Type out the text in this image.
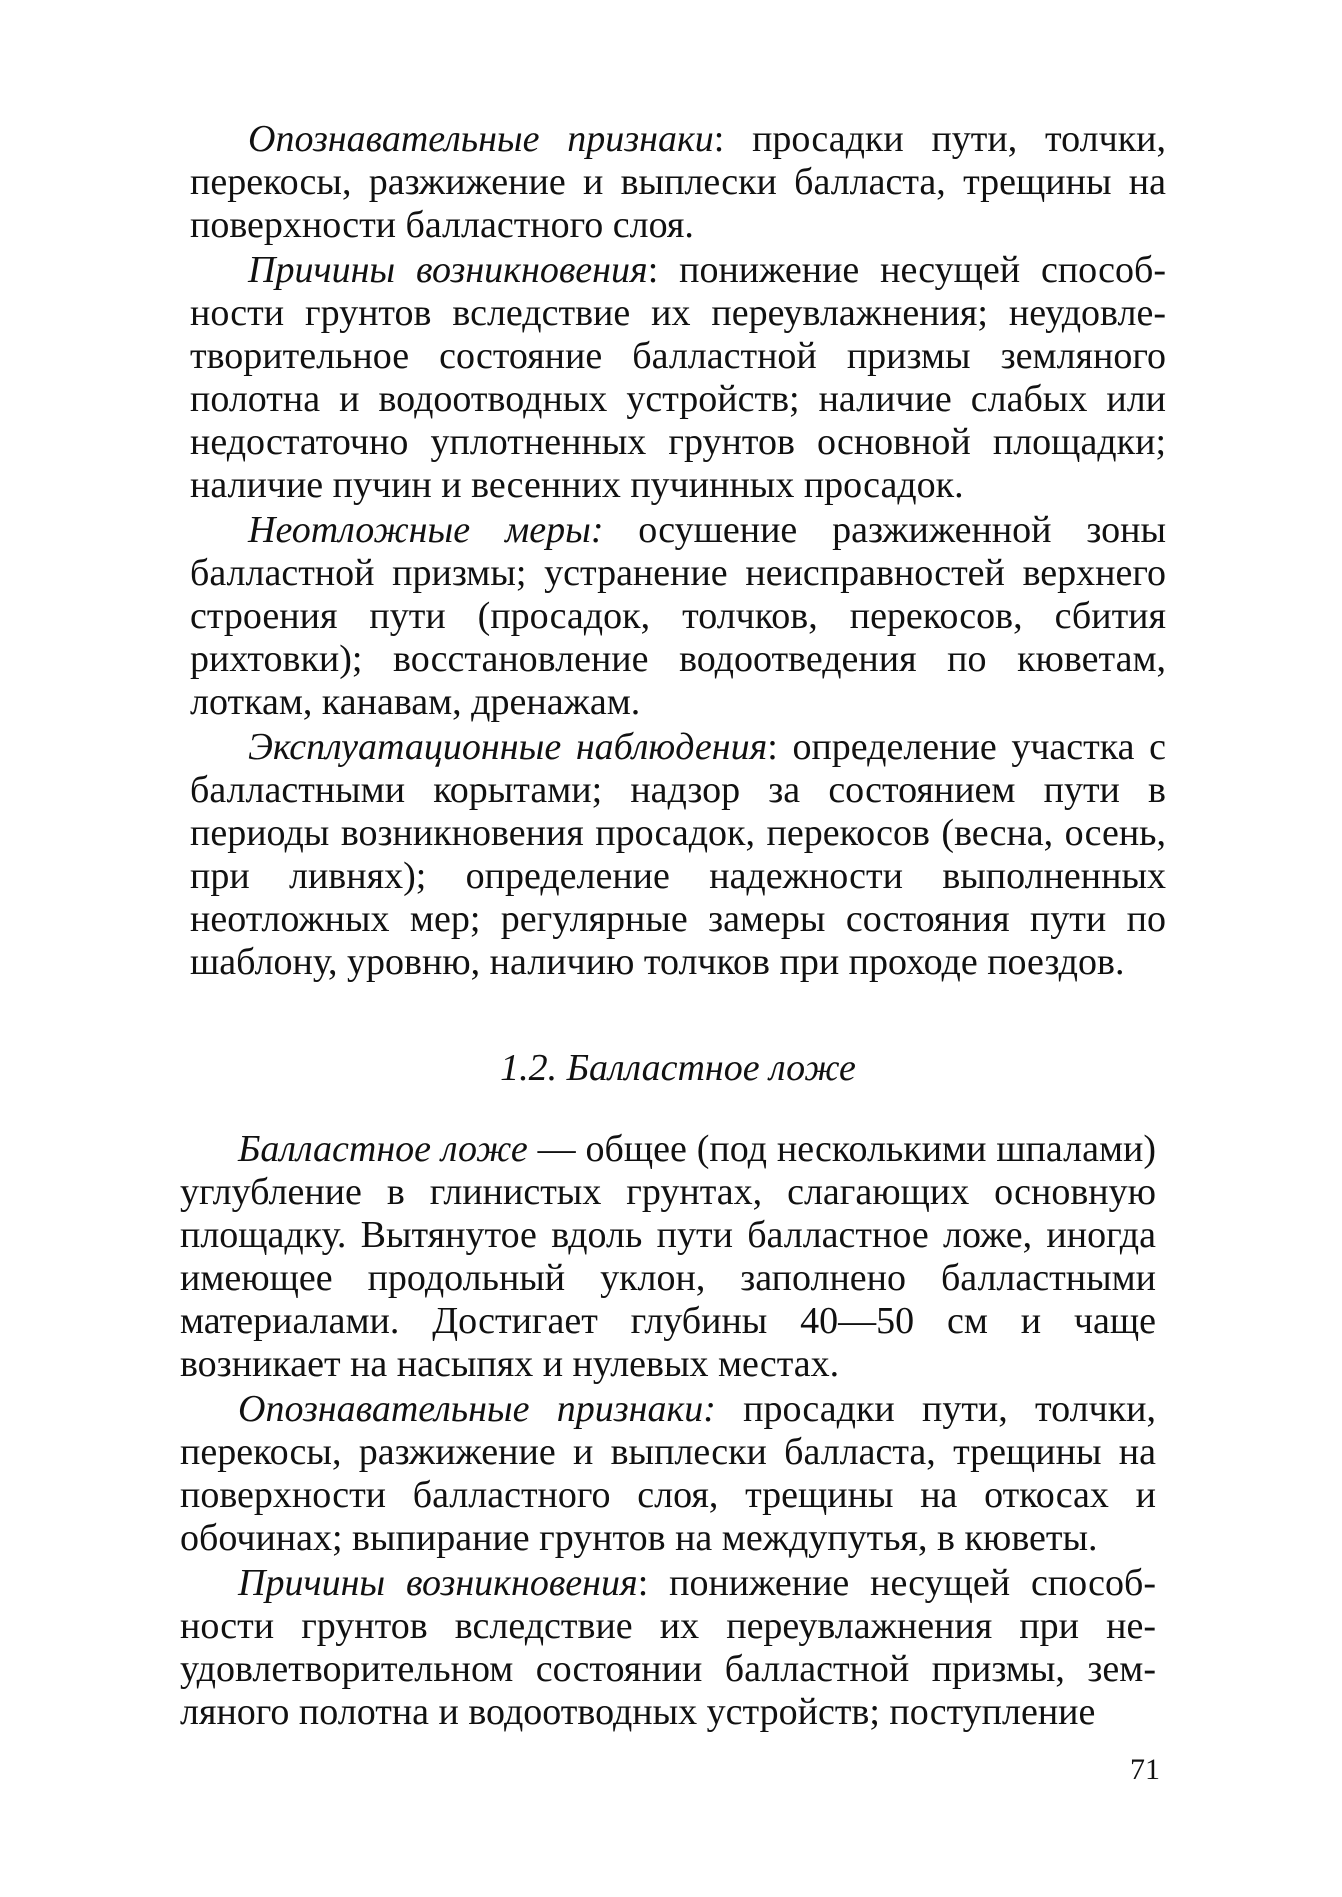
Опознавательные признаки: просадки пути, толчки, перекосы, разжижение и выплески балласта, трещины на поверхности балластного слоя.

Причины возникновения: понижение несущей способности грунтов вследствие их переувлажнения; неудовлетворительное состояние балластной призмы земляного полотна и водоотводных устройств; наличие слабых или недостаточно уплотненных грунтов основной площадки; наличие пучин и весенних пучинных просадок.

Неотложные меры: осушение разжиженной зоны балластной призмы; устранение неисправностей верхнего строения пути (просадок, толчков, перекосов, сбития рихтовки); восстановление водоотведения по кюветам, лоткам, канавам, дренажам.

Эксплуатационные наблюдения: определение участка с балластными корытами; надзор за состоянием пути в периоды возникновения просадок, перекосов (весна, осень, при ливнях); определение надежности выполненных неотложных мер; регулярные замеры состояния пути по шаблону, уровню, наличию толчков при проходе поездов.

1.2. Балластное ложе

Балластное ложе — общее (под несколькими шпалами) углубление в глинистых грунтах, слагающих основную площадку. Вытянутое вдоль пути балластное ложе, иногда имеющее продольный уклон, заполнено балластными материалами. Достигает глубины 40—50 см и чаще возникает на насыпях и нулевых местах.

Опознавательные признаки: просадки пути, толчки, перекосы, разжижение и выплески балласта, трещины на поверхности балластного слоя, трещины на откосах и обочинах; выпирание грунтов на междупутья, в кюветы.

Причины возникновения: понижение несущей способности грунтов вследствие их переувлажнения при неудовлетворительном состоянии балластной призмы, земляного полотна и водоотводных устройств; поступление

71
